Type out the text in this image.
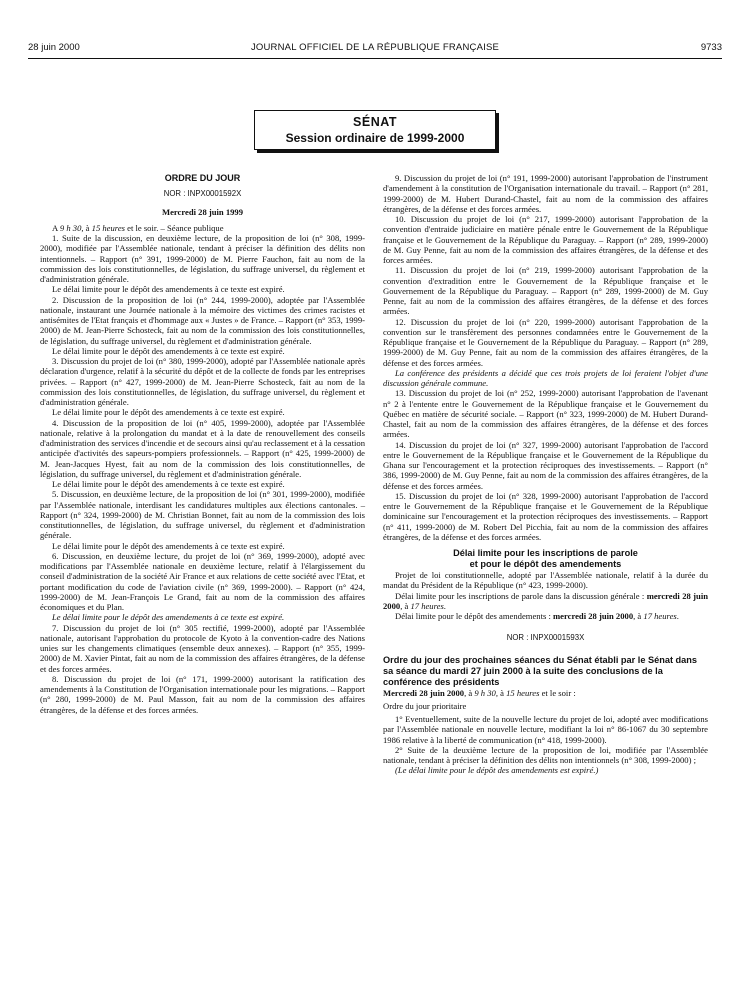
28 juin 2000	JOURNAL OFFICIEL DE LA RÉPUBLIQUE FRANÇAISE	9733
SÉNAT
Session ordinaire de 1999-2000
ORDRE DU JOUR
NOR : INPX0001592X
Mercredi 28 juin 1999

A 9 h 30, à 15 heures et le soir. – Séance publique

1. Suite de la discussion, en deuxième lecture, de la proposition de loi (n° 308, 1999-2000), modifiée par l'Assemblée nationale, tendant à préciser la définition des délits non intentionnels. – Rapport (n° 391, 1999-2000) de M. Pierre Fauchon, fait au nom de la commission des lois constitutionnelles, de législation, du suffrage universel, du règlement et d'administration générale.

Le délai limite pour le dépôt des amendements à ce texte est expiré.

2. Discussion de la proposition de loi (n° 244, 1999-2000), adoptée par l'Assemblée nationale, instaurant une Journée nationale à la mémoire des victimes des crimes racistes et antisémites de l'Etat français et d'hommage aux « Justes » de France. – Rapport (n° 353, 1999-2000) de M. Jean-Pierre Schosteck, fait au nom de la commission des lois constitutionnelles, de législation, du suffrage universel, du règlement et d'administration générale.

Le délai limite pour le dépôt des amendements à ce texte est expiré.

3. Discussion du projet de loi (n° 380, 1999-2000), adopté par l'Assemblée nationale après déclaration d'urgence, relatif à la sécurité du dépôt et de la collecte de fonds par les entreprises privées. – Rapport (n° 427, 1999-2000) de M. Jean-Pierre Schosteck, fait au nom de la commission des lois constitutionnelles, de législation, du suffrage universel, du règlement et d'administration générale.

Le délai limite pour le dépôt des amendements à ce texte est expiré.

4. Discussion de la proposition de loi (n° 405, 1999-2000), adoptée par l'Assemblée nationale, relative à la prolongation du mandat et à la date de renouvellement des conseils d'administration des services d'incendie et de secours ainsi qu'au reclassement et à la cessation anticipée d'activités des sapeurs-pompiers professionnels. – Rapport (n° 425, 1999-2000) de M. Jean-Jacques Hyest, fait au nom de la commission des lois constitutionnelles, de législation, du suffrage universel, du règlement et d'administration générale.

Le délai limite pour le dépôt des amendements à ce texte est expiré.

5. Discussion, en deuxième lecture, de la proposition de loi (n° 301, 1999-2000), modifiée par l'Assemblée nationale, interdisant les candidatures multiples aux élections cantonales. – Rapport (n° 324, 1999-2000) de M. Christian Bonnet, fait au nom de la commission des lois constitutionnelles, de législation, du suffrage universel, du règlement et d'administration générale.

Le délai limite pour le dépôt des amendements à ce texte est expiré.

6. Discussion, en deuxième lecture, du projet de loi (n° 369, 1999-2000), adopté avec modifications par l'Assemblée nationale en deuxième lecture, relatif à l'élargissement du conseil d'administration de la société Air France et aux relations de cette société avec l'Etat, et portant modification du code de l'aviation civile (n° 369, 1999-2000). – Rapport (n° 424, 1999-2000) de M. Jean-François Le Grand, fait au nom de la commission des affaires économiques et du Plan.

Le délai limite pour le dépôt des amendements à ce texte est expiré.

7. Discussion du projet de loi (n° 305 rectifié, 1999-2000), adopté par l'Assemblée nationale, autorisant l'approbation du protocole de Kyoto à la convention-cadre des Nations unies sur les changements climatiques (ensemble deux annexes). – Rapport (n° 355, 1999-2000) de M. Xavier Pintat, fait au nom de la commission des affaires étrangères, de la défense et des forces armées.

8. Discussion du projet de loi (n° 171, 1999-2000) autorisant la ratification des amendements à la Constitution de l'Organisation internationale pour les migrations. – Rapport (n° 280, 1999-2000) de M. Paul Masson, fait au nom de la commission des affaires étrangères, de la défense et des forces armées.

9. Discussion du projet de loi (n° 191, 1999-2000) autorisant l'approbation de l'instrument d'amendement à la constitution de l'Organisation internationale du travail. – Rapport (n° 281, 1999-2000) de M. Hubert Durand-Chastel, fait au nom de la commission des affaires étrangères, de la défense et des forces armées.

10. Discussion du projet de loi (n° 217, 1999-2000) autorisant l'approbation de la convention d'entraide judiciaire en matière pénale entre le Gouvernement de la République française et le Gouvernement de la République du Paraguay. – Rapport (n° 289, 1999-2000) de M. Guy Penne, fait au nom de la commission des affaires étrangères, de la défense et des forces armées.

11. Discussion du projet de loi (n° 219, 1999-2000) autorisant l'approbation de la convention d'extradition entre le Gouvernement de la République française et le Gouvernement de la République du Paraguay. – Rapport (n° 289, 1999-2000) de M. Guy Penne, fait au nom de la commission des affaires étrangères, de la défense et des forces armées.

12. Discussion du projet de loi (n° 220, 1999-2000) autorisant l'approbation de la convention sur le transfèrement des personnes condamnées entre le Gouvernement de la République française et le Gouvernement de la République du Paraguay. – Rapport (n° 289, 1999-2000) de M. Guy Penne, fait au nom de la commission des affaires étrangères, de la défense et des forces armées.

La conférence des présidents a décidé que ces trois projets de loi feraient l'objet d'une discussion générale commune.

13. Discussion du projet de loi (n° 252, 1999-2000) autorisant l'approbation de l'avenant n° 2 à l'entente entre le Gouvernement de la République française et le Gouvernement du Québec en matière de sécurité sociale. – Rapport (n° 323, 1999-2000) de M. Hubert Durand-Chastel, fait au nom de la commission des affaires étrangères, de la défense et des forces armées.

14. Discussion du projet de loi (n° 327, 1999-2000) autorisant l'approbation de l'accord entre le Gouvernement de la République française et le Gouvernement de la République du Ghana sur l'encouragement et la protection réciproques des investissements. – Rapport (n° 386, 1999-2000) de M. Guy Penne, fait au nom de la commission des affaires étrangères, de la défense et des forces armées.

15. Discussion du projet de loi (n° 328, 1999-2000) autorisant l'approbation de l'accord entre le Gouvernement de la République française et le Gouvernement de la République dominicaine sur l'encouragement et la protection réciproques des investissements. – Rapport (n° 411, 1999-2000) de M. Robert Del Picchia, fait au nom de la commission des affaires étrangères, de la défense et des forces armées.

Délai limite pour les inscriptions de parole
et pour le dépôt des amendements

Projet de loi constitutionnelle, adopté par l'Assemblée nationale, relatif à la durée du mandat du Président de la République (n° 423, 1999-2000).

Délai limite pour les inscriptions de parole dans la discussion générale : mercredi 28 juin 2000, à 17 heures.

Délai limite pour le dépôt des amendements : mercredi 28 juin 2000, à 17 heures.

NOR : INPX0001593X
Ordre du jour des prochaines séances du Sénat établi par le Sénat dans sa séance du mardi 27 juin 2000 à la suite des conclusions de la conférence des présidents

Mercredi 28 juin 2000, à 9 h 30, à 15 heures et le soir :

Ordre du jour prioritaire

1° Eventuellement, suite de la nouvelle lecture du projet de loi, adopté avec modifications par l'Assemblée nationale en nouvelle lecture, modifiant la loi n° 86-1067 du 30 septembre 1986 relative à la liberté de communication (n° 418, 1999-2000).

2° Suite de la deuxième lecture de la proposition de loi, modifiée par l'Assemblée nationale, tendant à préciser la définition des délits non intentionnels (n° 308, 1999-2000) ;

(Le délai limite pour le dépôt des amendements est expiré.)
